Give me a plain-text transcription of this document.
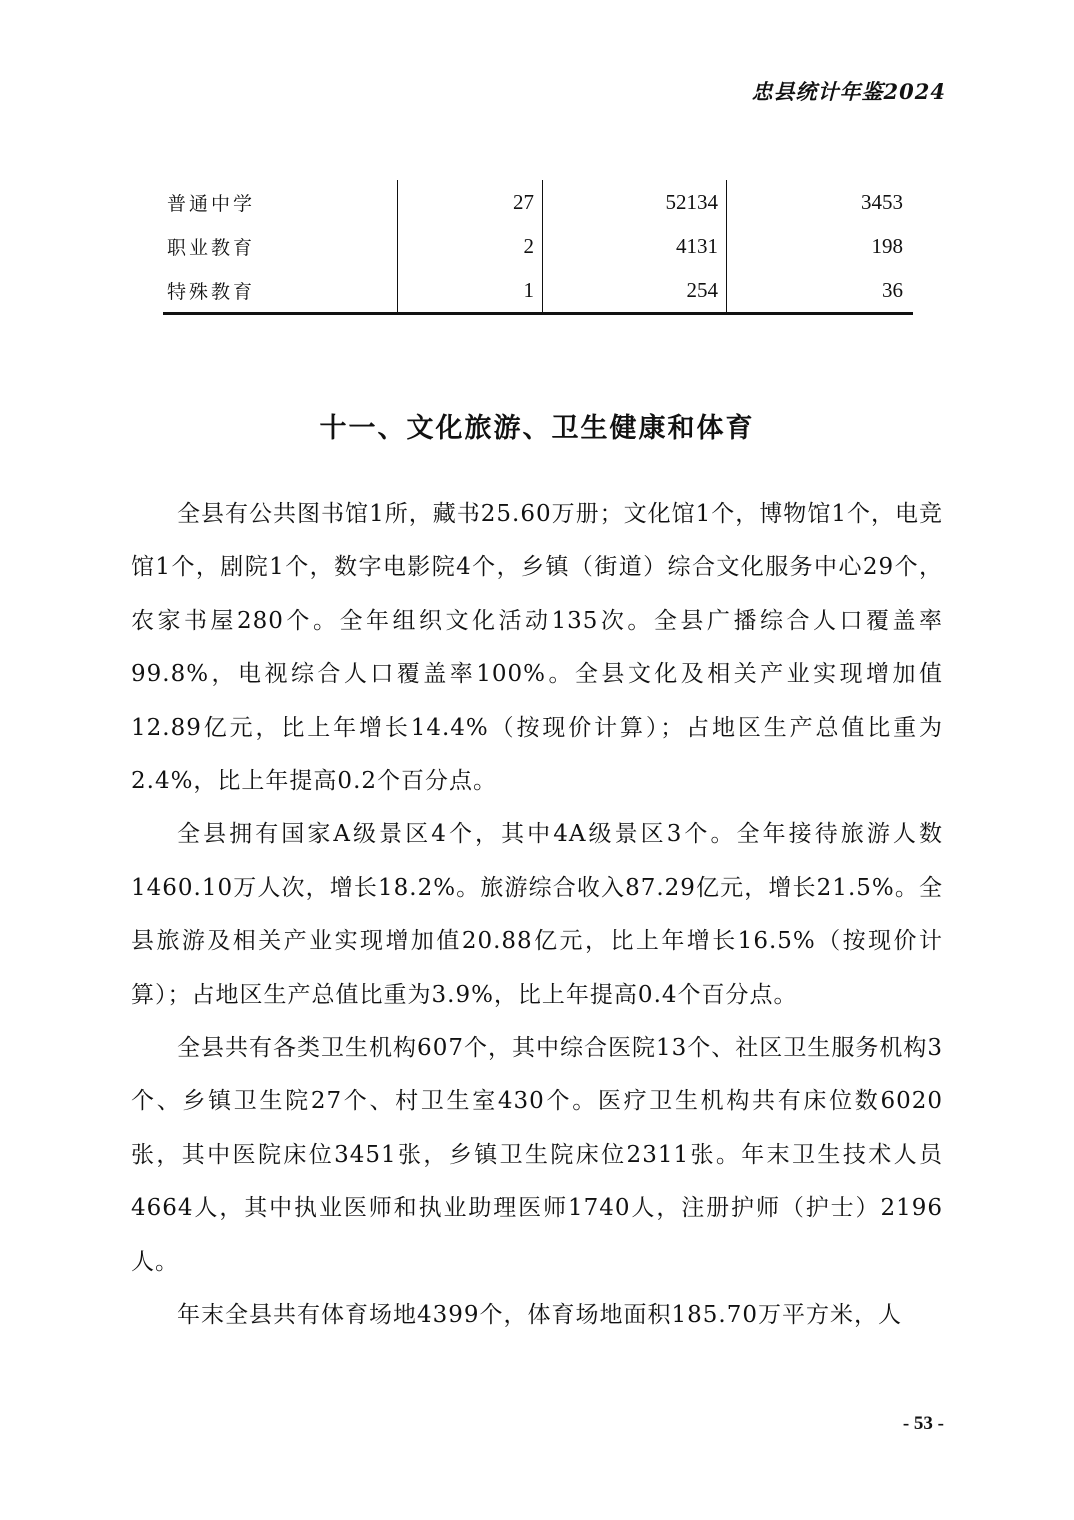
忠县统计年鉴2024
普通中学	27	52134	3453
职业教育	2	4131	198
特殊教育	1	254	36
十一、文化旅游、卫生健康和体育

全县有公共图书馆1所，藏书25.60万册；文化馆1个，博物馆1个，电竞馆1个，剧院1个，数字电影院4个，乡镇（街道）综合文化服务中心29个，农家书屋280个。全年组织文化活动135次。全县广播综合人口覆盖率99.8%，电视综合人口覆盖率100%。全县文化及相关产业实现增加值12.89亿元，比上年增长14.4%（按现价计算）；占地区生产总值比重为2.4%，比上年提高0.2个百分点。

全县拥有国家A级景区4个，其中4A级景区3个。全年接待旅游人数1460.10万人次，增长18.2%。旅游综合收入87.29亿元，增长21.5%。全县旅游及相关产业实现增加值20.88亿元，比上年增长16.5%（按现价计算）；占地区生产总值比重为3.9%，比上年提高0.4个百分点。

全县共有各类卫生机构607个，其中综合医院13个、社区卫生服务机构3个、乡镇卫生院27个、村卫生室430个。医疗卫生机构共有床位数6020张，其中医院床位3451张，乡镇卫生院床位2311张。年末卫生技术人员4664人，其中执业医师和执业助理医师1740人，注册护师（护士）2196人。

年末全县共有体育场地4399个，体育场地面积185.70万平方米，人

- 53 -
